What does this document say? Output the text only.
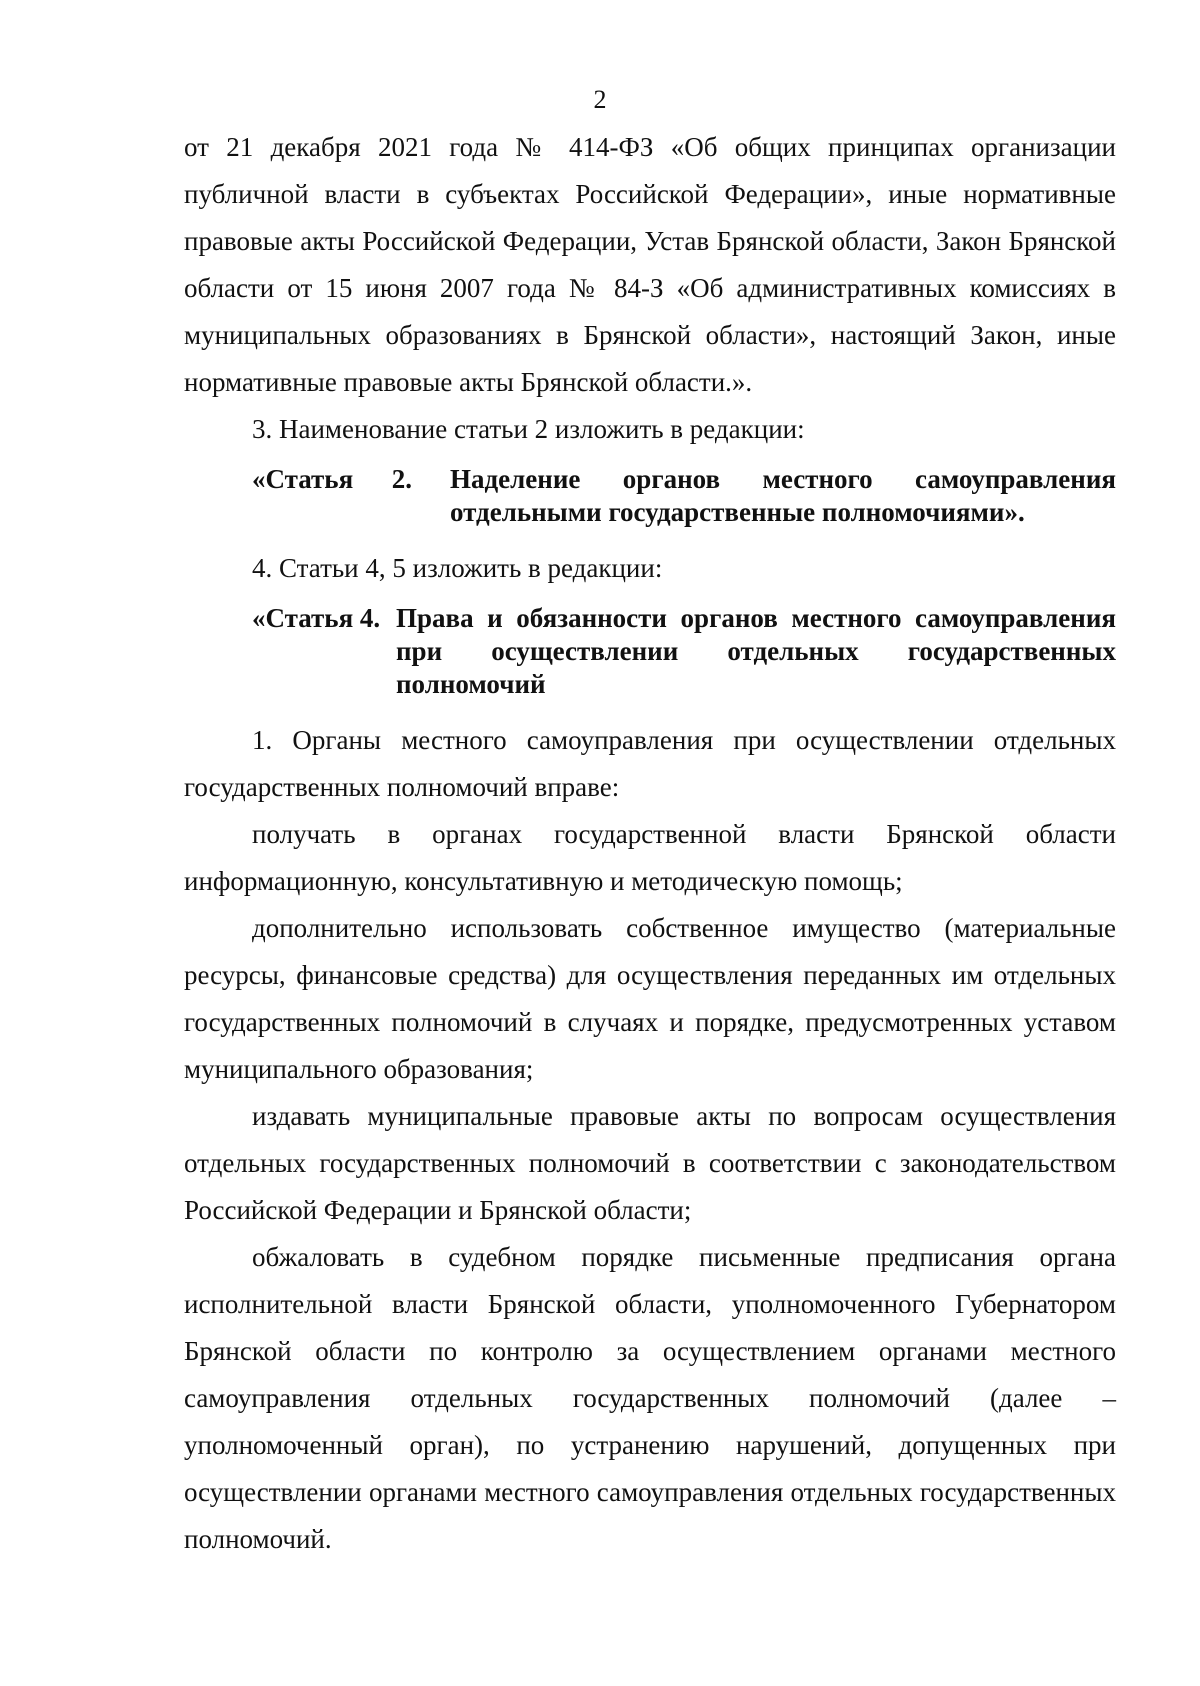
2

от 21 декабря 2021 года № 414-ФЗ «Об общих принципах организации публичной власти в субъектах Российской Федерации», иные нормативные правовые акты Российской Федерации, Устав Брянской области, Закон Брянской области от 15 июня 2007 года № 84-З «Об административных комиссиях в муниципальных образованиях в Брянской области», настоящий Закон, иные нормативные правовые акты Брянской области.».

3. Наименование статьи 2 изложить в редакции:

«Статья 2. Наделение органов местного самоуправления отдельными государственные полномочиями».

4. Статьи 4, 5 изложить в редакции:

«Статья 4. Права и обязанности органов местного самоуправления
при осуществлении отдельных государственных
полномочий

1. Органы местного самоуправления при осуществлении отдельных государственных полномочий вправе:

получать в органах государственной власти Брянской области информационную, консультативную и методическую помощь;

дополнительно использовать собственное имущество (материальные ресурсы, финансовые средства) для осуществления переданных им отдельных государственных полномочий в случаях и порядке, предусмотренных уставом муниципального образования;

издавать муниципальные правовые акты по вопросам осуществления отдельных государственных полномочий в соответствии с законодательством Российской Федерации и Брянской области;

обжаловать в судебном порядке письменные предписания органа исполнительной власти Брянской области, уполномоченного Губернатором Брянской области по контролю за осуществлением органами местного самоуправления отдельных государственных полномочий (далее – уполномоченный орган), по устранению нарушений, допущенных при осуществлении органами местного самоуправления отдельных государственных полномочий.
